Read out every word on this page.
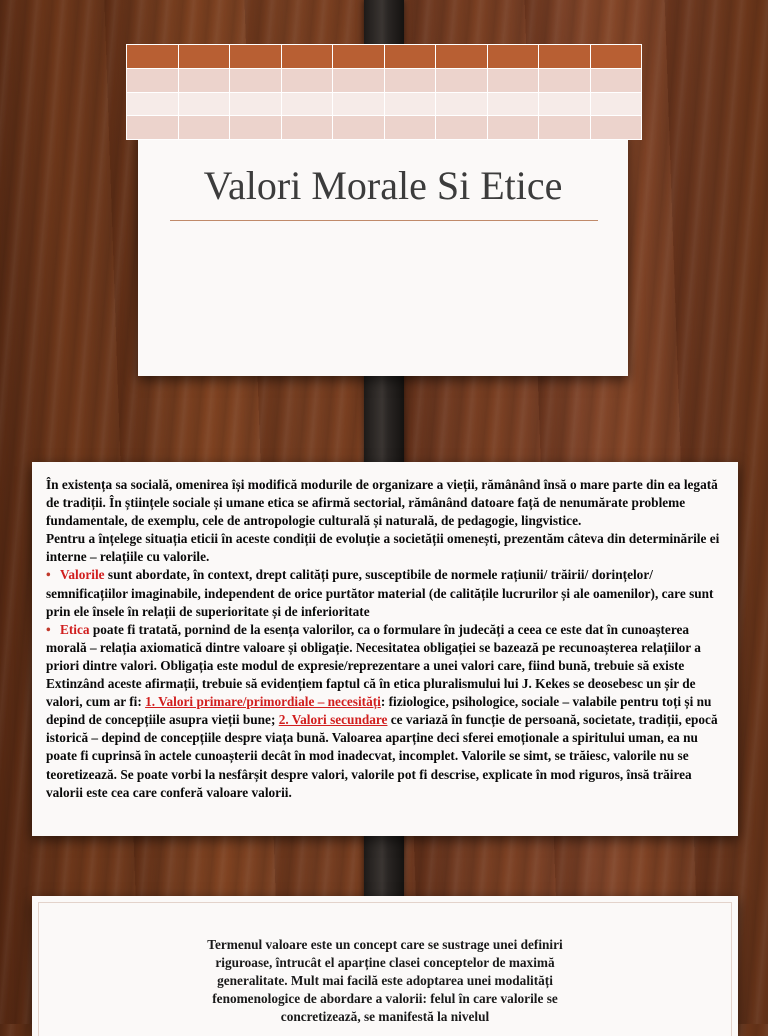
Valori Morale Si Etice

În existența sa socială, omenirea își modifică modurile de organizare a vieții, rămânând însă o mare parte din ea legată de tradiții. În științele sociale și umane etica se afirmă sectorial, rămânând datoare față de nenumărate probleme fundamentale, de exemplu, cele de antropologie culturală și naturală, de pedagogie, lingvistice.

Pentru a înțelege situația eticii în aceste condiții de evoluție a societății omenești, prezentăm câteva din determinările ei interne – relațiile cu valorile.

• Valorile sunt abordate, în context, drept calități pure, susceptibile de normele rațiunii/ trăirii/ dorințelor/ semnificațiilor imaginabile, independent de orice purtător material (de calitățile lucrurilor și ale oamenilor), care sunt prin ele însele în relații de superioritate și de inferioritate

• Etica poate fi tratată, pornind de la esența valorilor, ca o formulare în judecăți a ceea ce este dat în cunoașterea morală – relația axiomatică dintre valoare și obligație. Necesitatea obligației se bazează pe recunoașterea relațiilor a priori dintre valori. Obligația este modul de expresie/reprezentare a unei valori care, fiind bună, trebuie să existe

Extinzând aceste afirmații, trebuie să evidențiem faptul că în etica pluralismului lui J. Kekes se deosebesc un șir de valori, cum ar fi: 1. Valori primare/primordiale – necesități: fiziologice, psihologice, sociale – valabile pentru toți și nu depind de concepțiile asupra vieții bune; 2. Valori secundare ce variază în funcție de persoană, societate, tradiții, epocă istorică – depind de concepțiile despre viața bună. Valoarea aparține deci sferei emoționale a spiritului uman, ea nu poate fi cuprinsă în actele cunoașterii decât în mod inadecvat, incomplet. Valorile se simt, se trăiesc, valorile nu se teoretizează. Se poate vorbi la nesfârșit despre valori, valorile pot fi descrise, explicate în mod riguros, însă trăirea valorii este cea care conferă valoare valorii.

Termenul valoare este un concept care se sustrage unei definiri riguroase, întrucât el aparține clasei conceptelor de maximă generalitate. Mult mai facilă este adoptarea unei modalități fenomenologice de abordare a valorii: felul în care valorile se concretizează, se manifestă la nivelul
